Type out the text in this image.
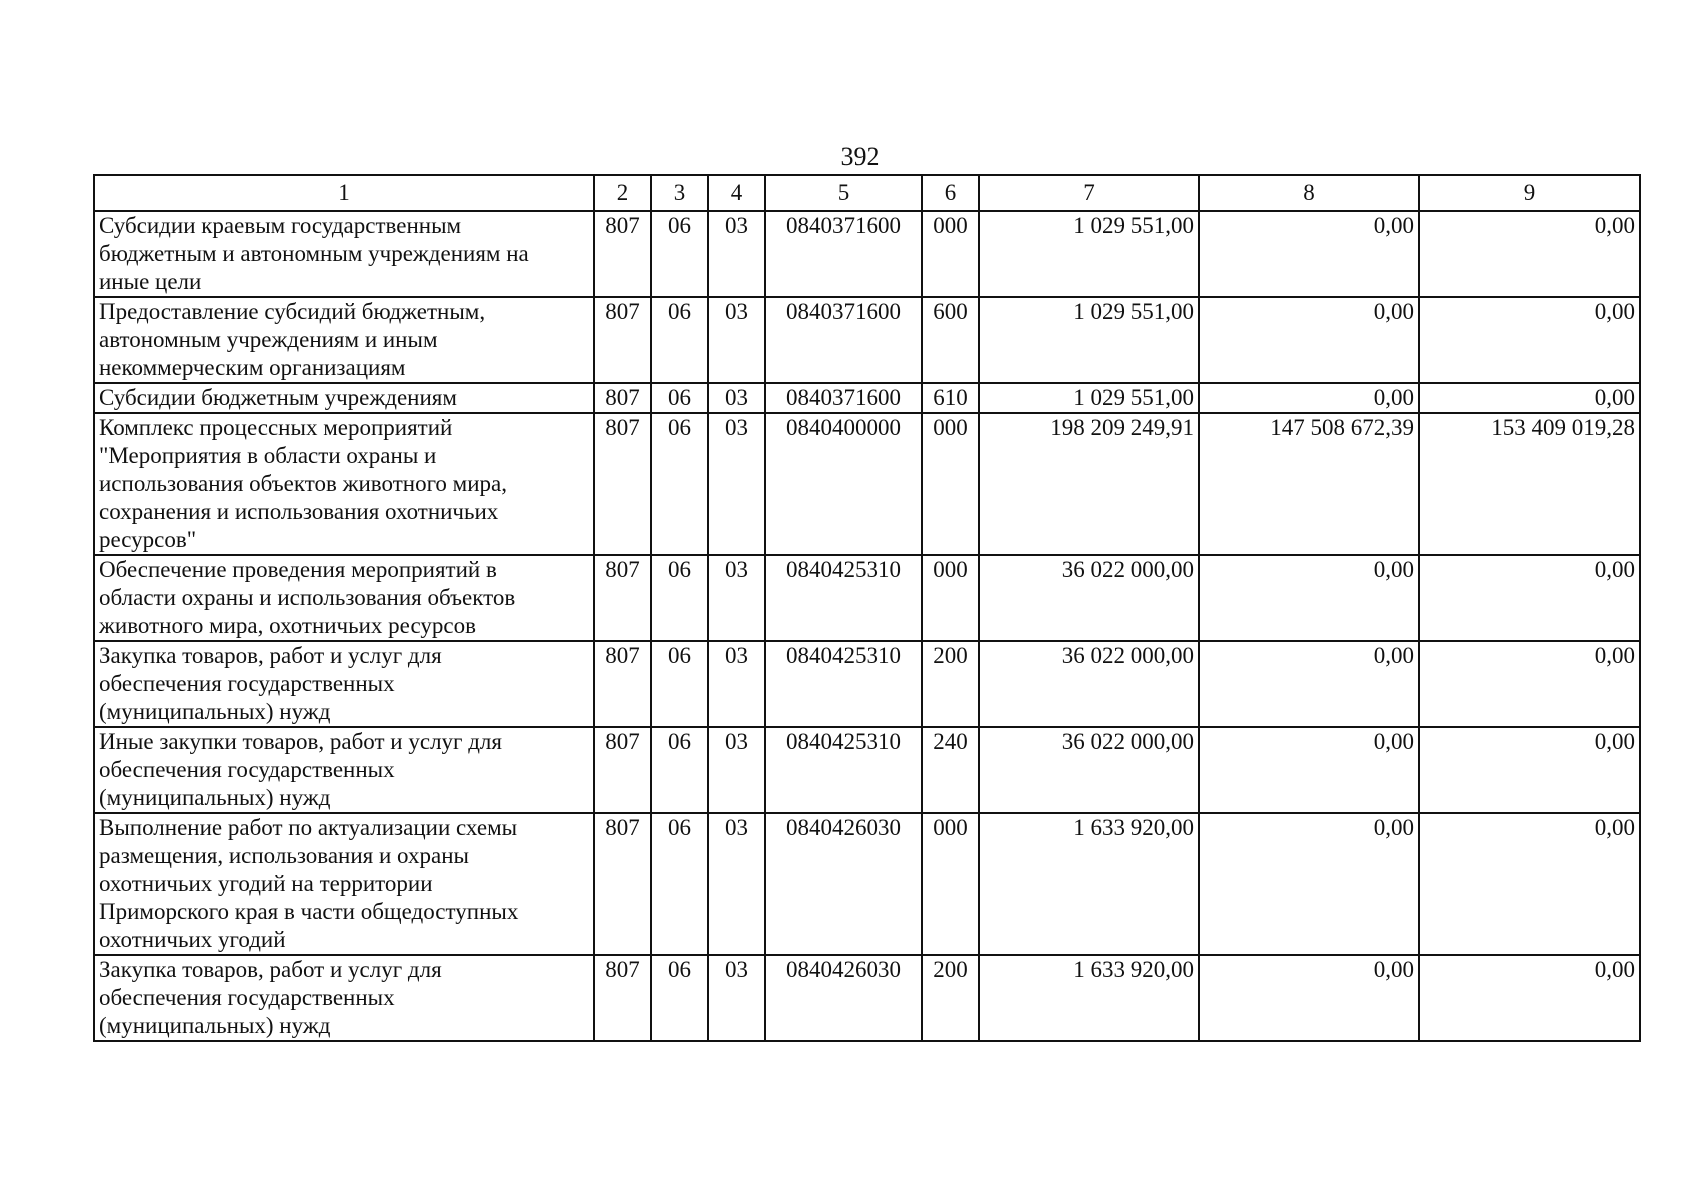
392
1	2	3	4	5	6	7	8	9

Субсидии краевым государственным
бюджетным и автономным учреждениям на
иные цели	807	06	03	0840371600	000	1 029 551,00	0,00	0,00

Предоставление субсидий бюджетным,
автономным учреждениям и иным
некоммерческим организациям	807	06	03	0840371600	600	1 029 551,00	0,00	0,00

Субсидии бюджетным учреждениям	807	06	03	0840371600	610	1 029 551,00	0,00	0,00

Комплекс процессных мероприятий
"Мероприятия в области охраны и
использования объектов животного мира,
сохранения и использования охотничьих
ресурсов"	807	06	03	0840400000	000	198 209 249,91	147 508 672,39	153 409 019,28

Обеспечение проведения мероприятий в
области охраны и использования объектов
животного мира, охотничьих ресурсов	807	06	03	0840425310	000	36 022 000,00	0,00	0,00

Закупка товаров, работ и услуг для
обеспечения государственных
(муниципальных) нужд	807	06	03	0840425310	200	36 022 000,00	0,00	0,00

Иные закупки товаров, работ и услуг для
обеспечения государственных
(муниципальных) нужд	807	06	03	0840425310	240	36 022 000,00	0,00	0,00

Выполнение работ по актуализации схемы
размещения, использования и охраны
охотничьих угодий на территории
Приморского края в части общедоступных
охотничьих угодий	807	06	03	0840426030	000	1 633 920,00	0,00	0,00

Закупка товаров, работ и услуг для
обеспечения государственных
(муниципальных) нужд	807	06	03	0840426030	200	1 633 920,00	0,00	0,00
